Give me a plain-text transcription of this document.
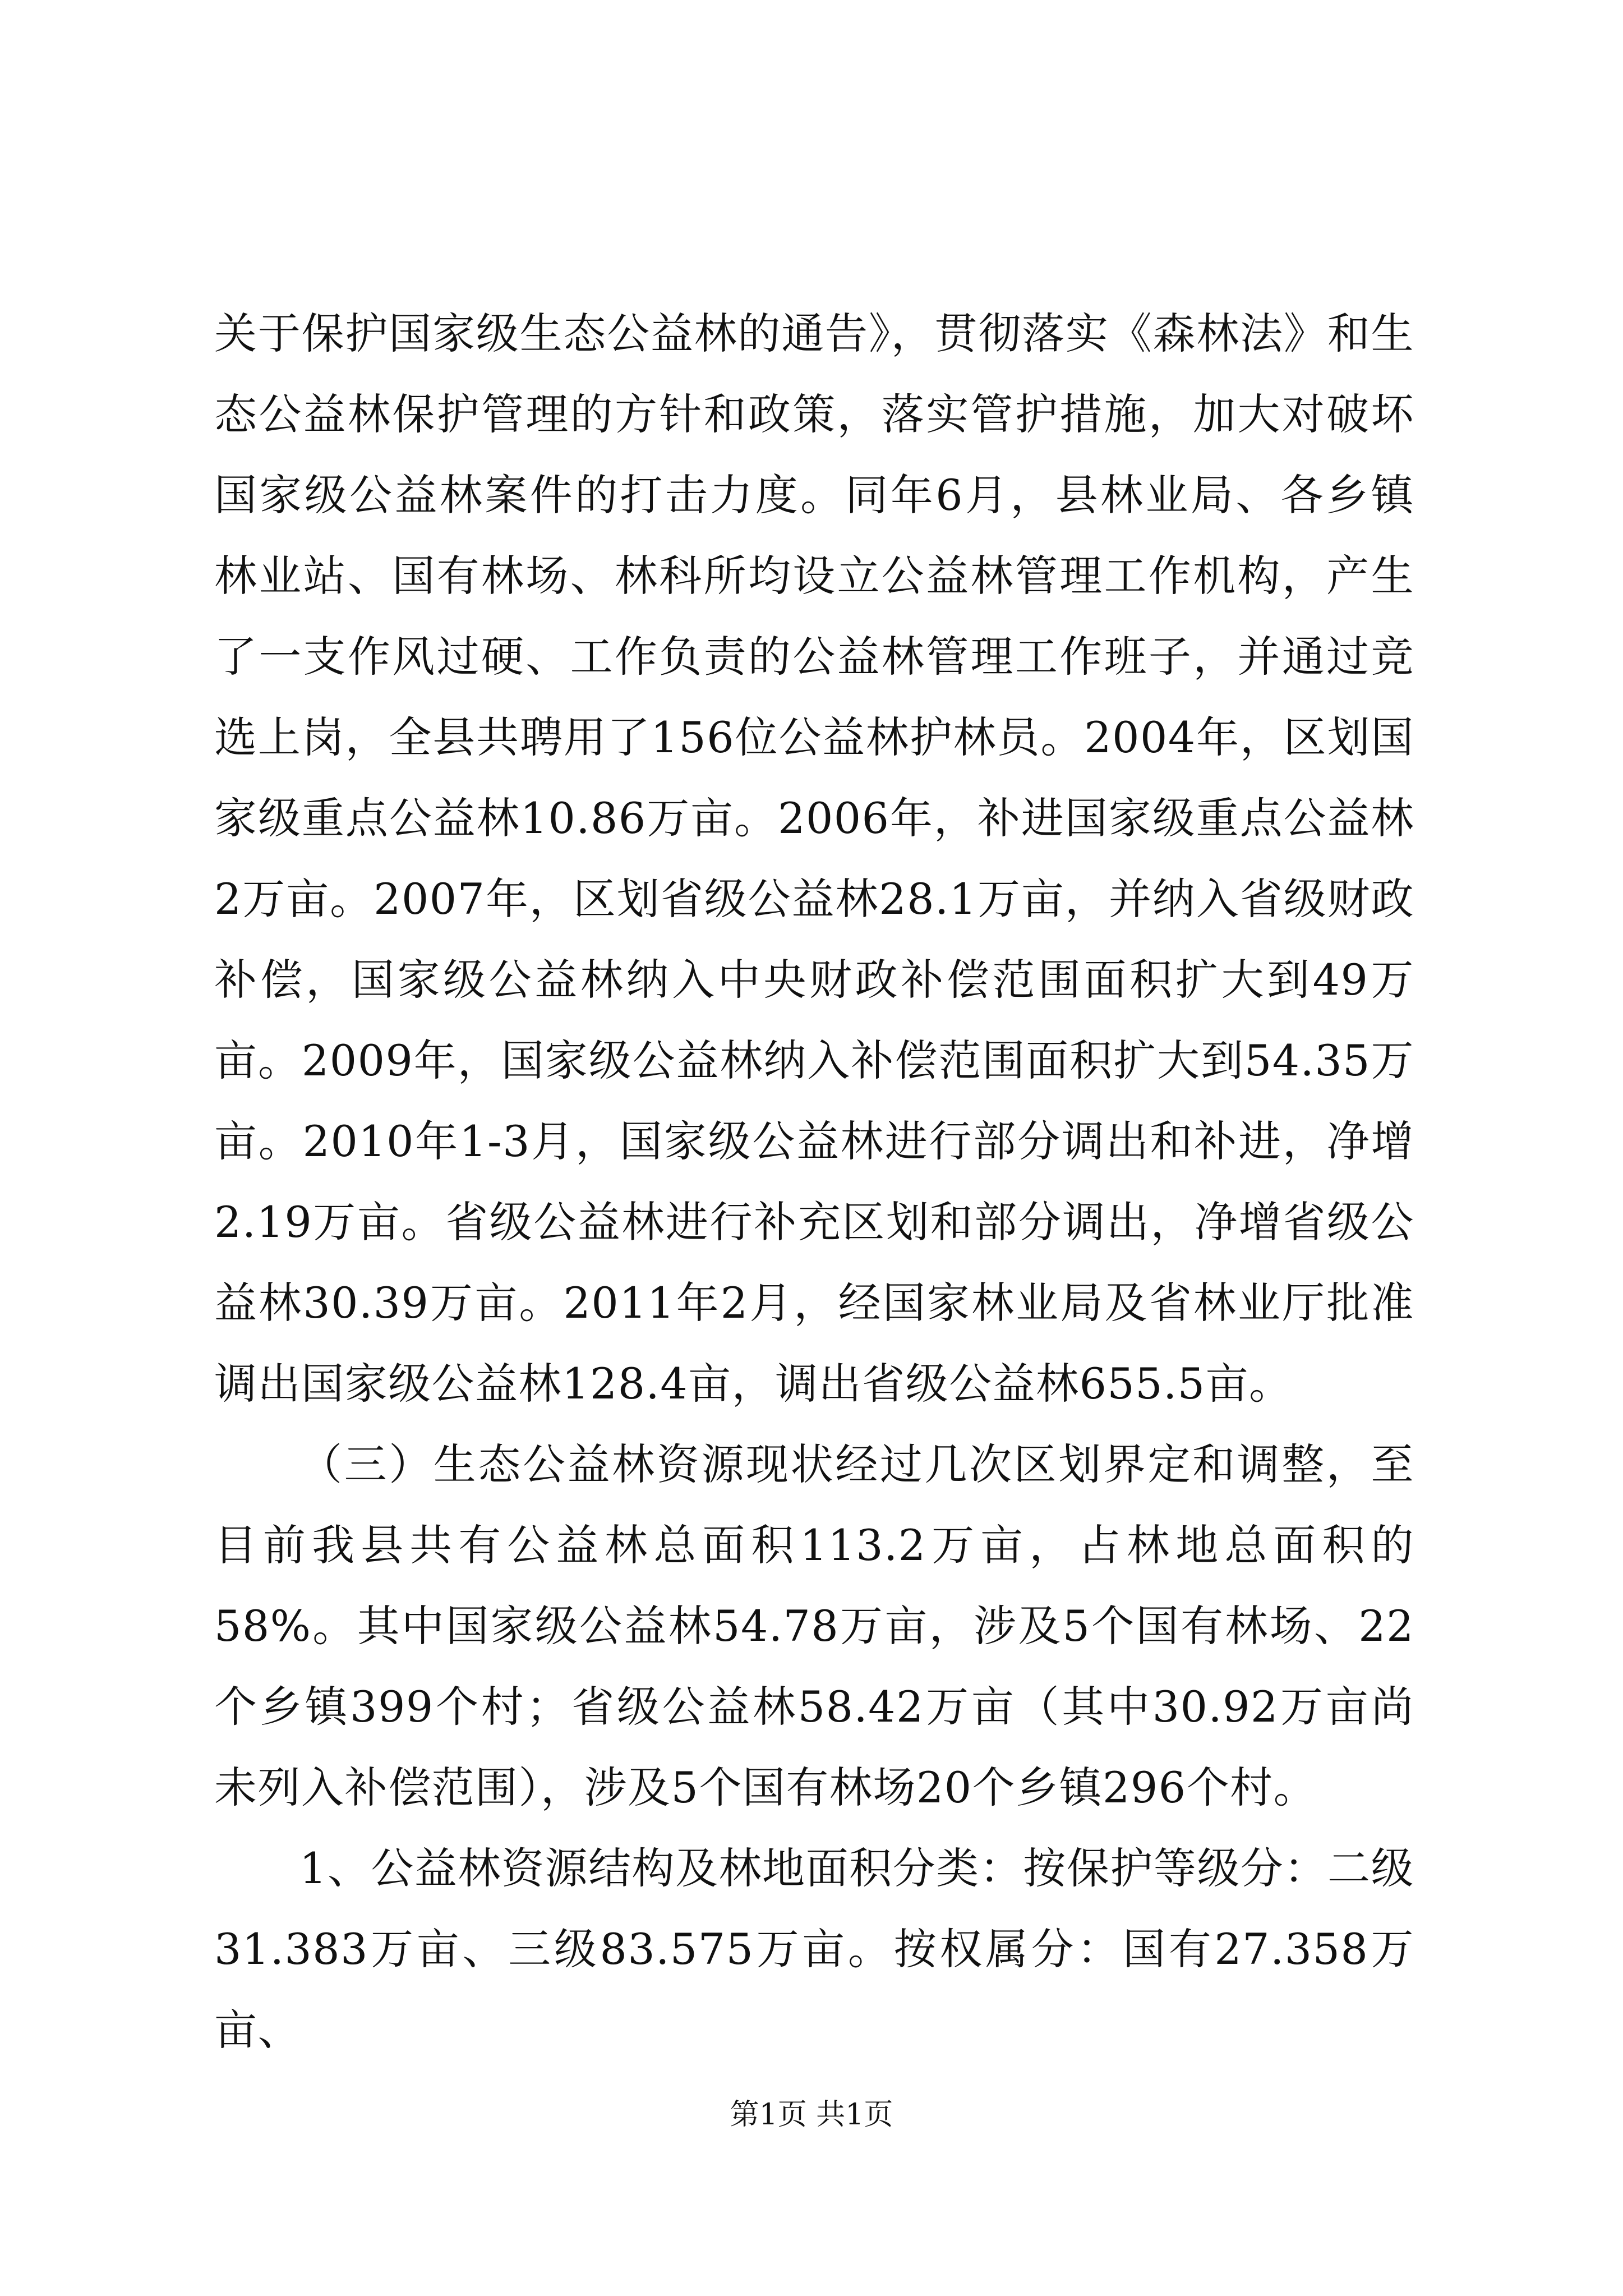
关于保护国家级生态公益林的通告》，贯彻落实《森林法》和生态公益林保护管理的方针和政策，落实管护措施，加大对破坏国家级公益林案件的打击力度。同年6月，县林业局、各乡镇林业站、国有林场、林科所均设立公益林管理工作机构，产生了一支作风过硬、工作负责的公益林管理工作班子，并通过竞选上岗，全县共聘用了156位公益林护林员。2004年，区划国家级重点公益林10.86万亩。2006年，补进国家级重点公益林2万亩。2007年，区划省级公益林28.1万亩，并纳入省级财政补偿，国家级公益林纳入中央财政补偿范围面积扩大到49万亩。2009年，国家级公益林纳入补偿范围面积扩大到54.35万亩。2010年1-3月，国家级公益林进行部分调出和补进，净增2.19万亩。省级公益林进行补充区划和部分调出，净增省级公益林30.39万亩。2011年2月，经国家林业局及省林业厅批准调出国家级公益林128.4亩，调出省级公益林655.5亩。

（三）生态公益林资源现状经过几次区划界定和调整，至目前我县共有公益林总面积113.2万亩，占林地总面积的58%。其中国家级公益林54.78万亩，涉及5个国有林场、22个乡镇399个村；省级公益林58.42万亩（其中30.92万亩尚未列入补偿范围），涉及5个国有林场20个乡镇296个村。

1、公益林资源结构及林地面积分类：按保护等级分：二级31.383万亩、三级83.575万亩。按权属分：国有27.358万亩、

第1页 共1页
